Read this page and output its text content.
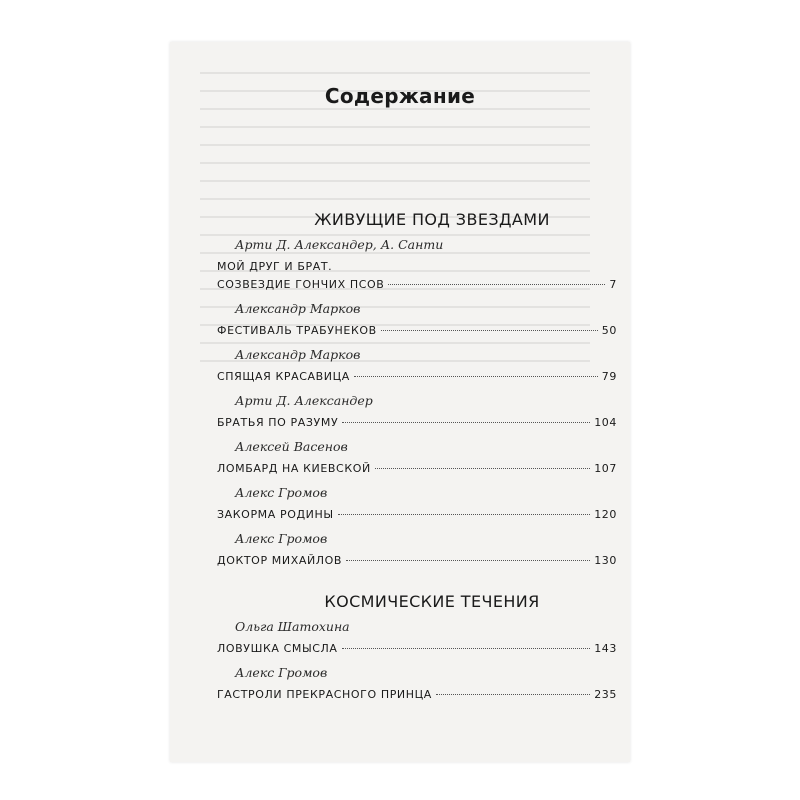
Содержание
ЖИВУЩИЕ ПОД ЗВЕЗДАМИ
Арти Д. Александер, А. Санти
МОЙ ДРУГ И БРАТ.
СОЗВЕЗДИЕ ГОНЧИХ ПСОВ	7
Александр Марков
ФЕСТИВАЛЬ ТРАБУНЕКОВ	50
Александр Марков
СПЯЩАЯ КРАСАВИЦА	79
Арти Д. Александер
БРАТЬЯ ПО РАЗУМУ	104
Алексей Васенов
ЛОМБАРД НА КИЕВСКОЙ	107
Алекс Громов
ЗАКОРМА РОДИНЫ	120
Алекс Громов
ДОКТОР МИХАЙЛОВ	130
КОСМИЧЕСКИЕ ТЕЧЕНИЯ
Ольга Шатохина
ЛОВУШКА СМЫСЛА	143
Алекс Громов
ГАСТРОЛИ ПРЕКРАСНОГО ПРИНЦА	235
